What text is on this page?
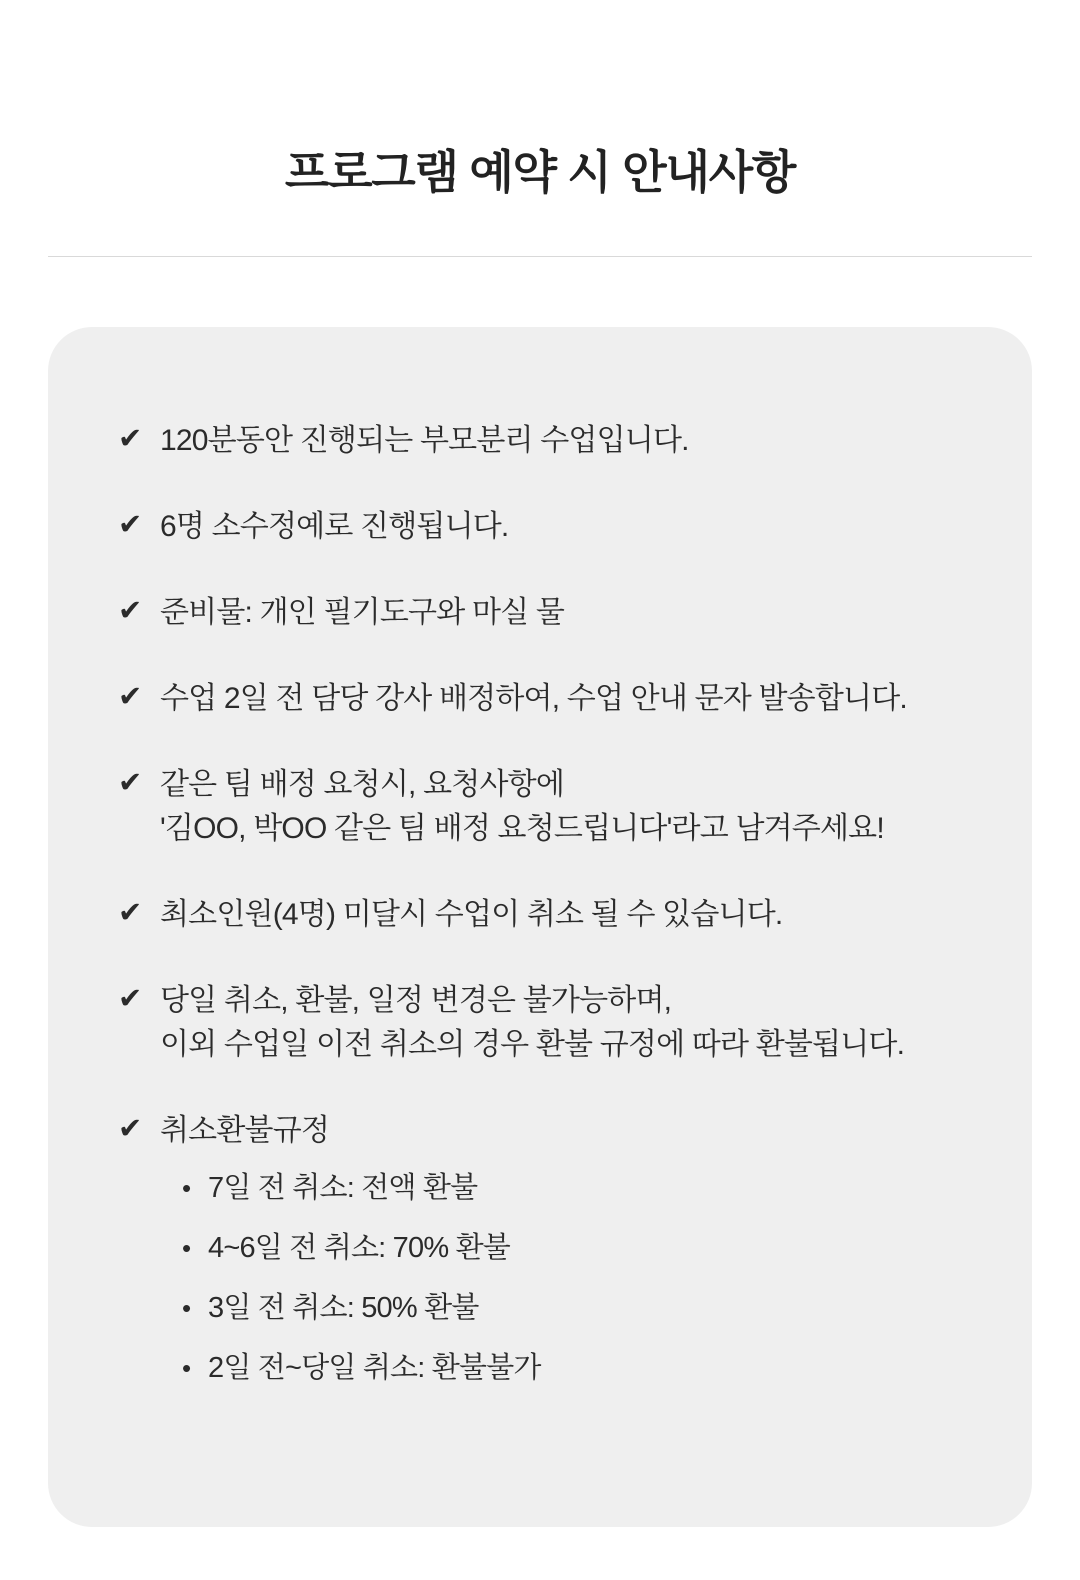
프로그램 예약 시 안내사항
✔ 120분동안 진행되는 부모분리 수업입니다.
✔ 6명 소수정예로 진행됩니다.
✔ 준비물: 개인 필기도구와 마실 물
✔ 수업 2일 전 담당 강사 배정하여, 수업 안내 문자 발송합니다.
✔ 같은 팀 배정 요청시, 요청사항에
'김OO, 박OO 같은 팀 배정 요청드립니다'라고 남겨주세요!
✔ 최소인원(4명) 미달시 수업이 취소 될 수 있습니다.
✔ 당일 취소, 환불, 일정 변경은 불가능하며,
이외 수업일 이전 취소의 경우 환불 규정에 따라 환불됩니다.
✔ 취소환불규정
• 7일 전 취소: 전액 환불
• 4~6일 전 취소: 70% 환불
• 3일 전 취소: 50% 환불
• 2일 전~당일 취소: 환불불가
